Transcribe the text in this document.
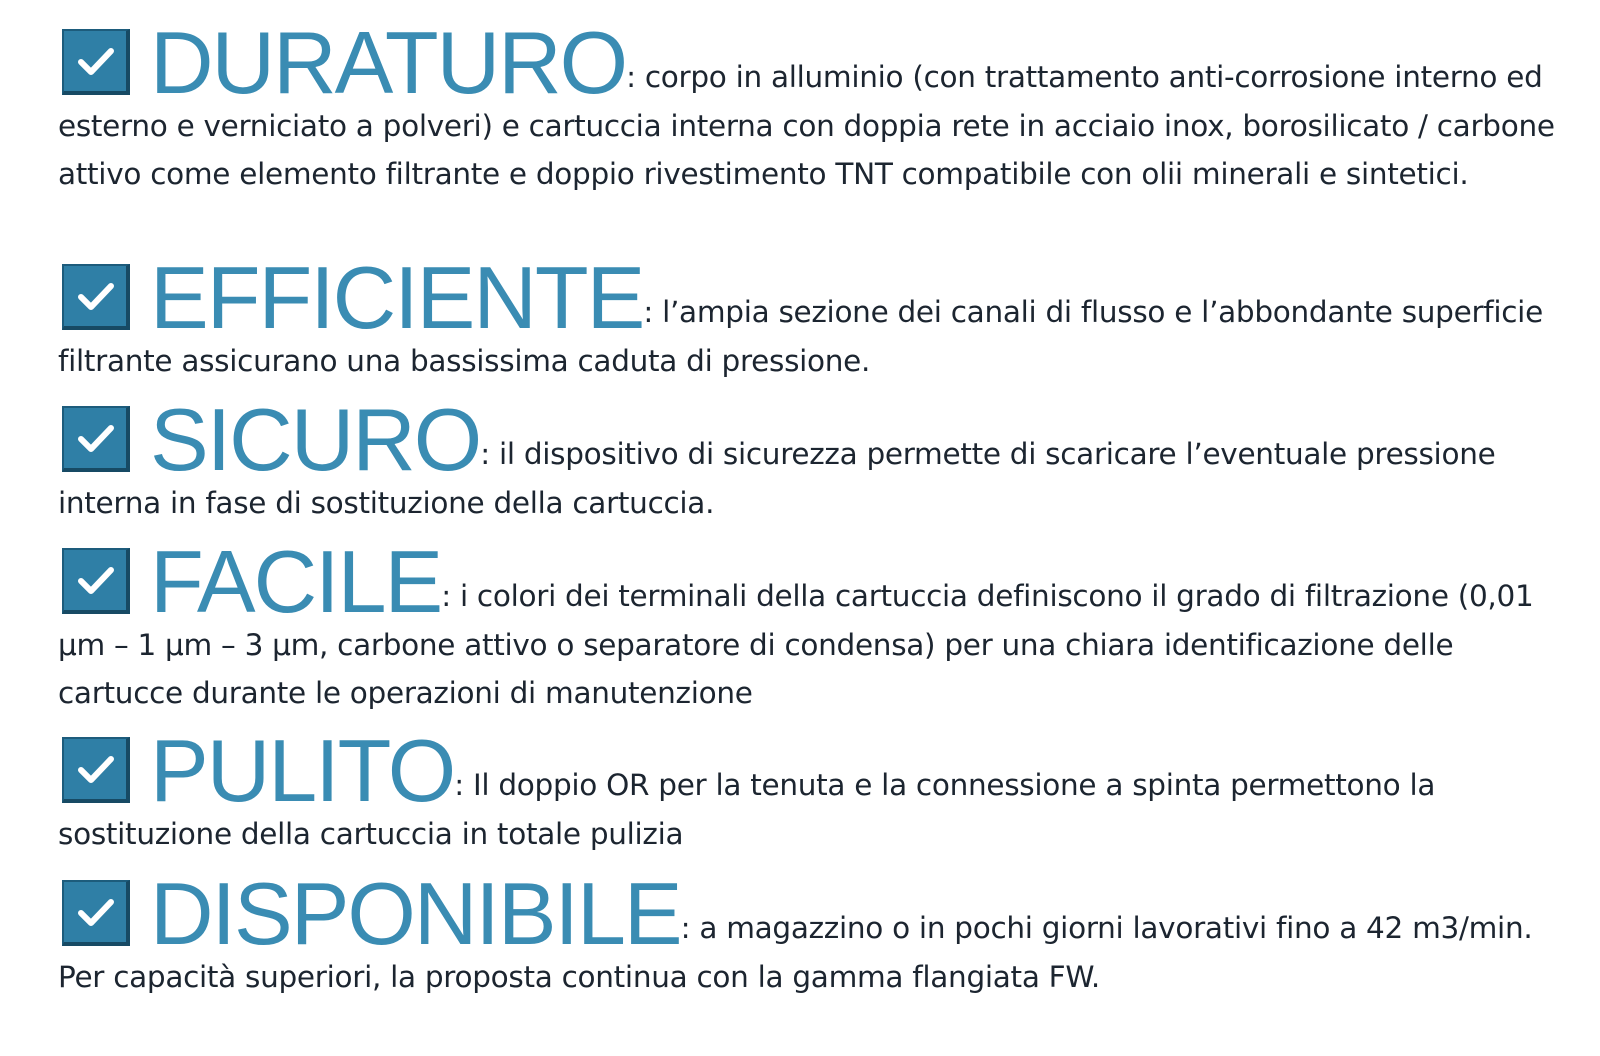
DURATURO: corpo in alluminio (con trattamento anti-corrosione interno ed esterno e verniciato a polveri) e cartuccia interna con doppia rete in acciaio inox, borosilicato / carbone attivo come elemento filtrante e doppio rivestimento TNT compatibile con olii minerali e sintetici.
EFFICIENTE: l’ampia sezione dei canali di flusso e l’abbondante superficie filtrante assicurano una bassissima caduta di pressione.
SICURO: il dispositivo di sicurezza permette di scaricare l’eventuale pressione interna in fase di sostituzione della cartuccia.
FACILE: i colori dei terminali della cartuccia definiscono il grado di filtrazione (0,01 μm – 1 μm – 3 μm, carbone attivo o separatore di condensa) per una chiara identificazione delle cartucce durante le operazioni di manutenzione
PULITO: Il doppio OR per la tenuta e la connessione a spinta permettono la sostituzione della cartuccia in totale pulizia
DISPONIBILE: a magazzino o in pochi giorni lavorativi fino a 42 m3/min. Per capacità superiori, la proposta continua con la gamma flangiata FW.
